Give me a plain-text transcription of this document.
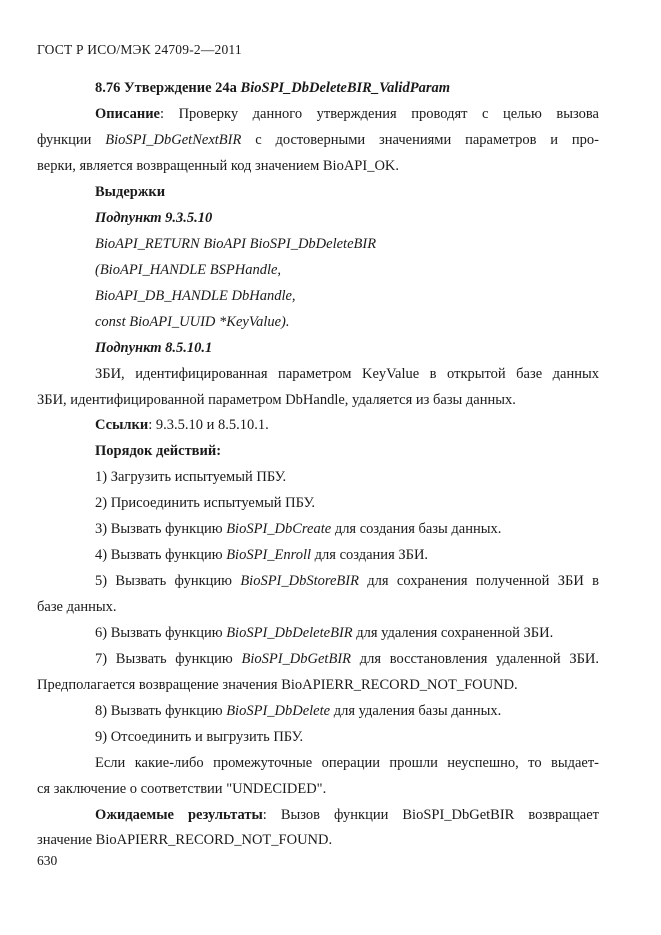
ГОСТ Р ИСО/МЭК 24709-2—2011
8.76 Утверждение 24а BioSPI_DbDeleteBIR_ValidParam
Описание: Проверку данного утверждения проводят с целью вызова
функции BioSPI_DbGetNextBIR с достоверными значениями параметров и про-
верки, является возвращенный код значением BioAPI_OK.
Выдержки
Подпункт 9.3.5.10
BioAPI_RETURN BioAPI BioSPI_DbDeleteBIR
(BioAPI_HANDLE BSPHandle,
BioAPI_DB_HANDLE DbHandle,
const BioAPI_UUID *KeyValue).
Подпункт 8.5.10.1
ЗБИ, идентифицированная параметром KeyValue в открытой базе данных
ЗБИ, идентифицированной параметром DbHandle, удаляется из базы данных.
Ссылки: 9.3.5.10 и 8.5.10.1.
Порядок действий:
1) Загрузить испытуемый ПБУ.
2) Присоединить испытуемый ПБУ.
3) Вызвать функцию BioSPI_DbCreate для создания базы данных.
4) Вызвать функцию BioSPI_Enroll для создания ЗБИ.
5) Вызвать функцию BioSPI_DbStoreBIR для сохранения полученной ЗБИ в
базе данных.
6) Вызвать функцию BioSPI_DbDeleteBIR для удаления сохраненной ЗБИ.
7) Вызвать функцию BioSPI_DbGetBIR для восстановления удаленной ЗБИ.
Предполагается возвращение значения BioAPIERR_RECORD_NOT_FOUND.
8) Вызвать функцию BioSPI_DbDelete для удаления базы данных.
9) Отсоединить и выгрузить ПБУ.
Если какие-либо промежуточные операции прошли неуспешно, то выдает-
ся заключение о соответствии "UNDECIDED".
Ожидаемые результаты: Вызов функции BioSPI_DbGetBIR возвращает
значение BioAPIERR_RECORD_NOT_FOUND.
630
